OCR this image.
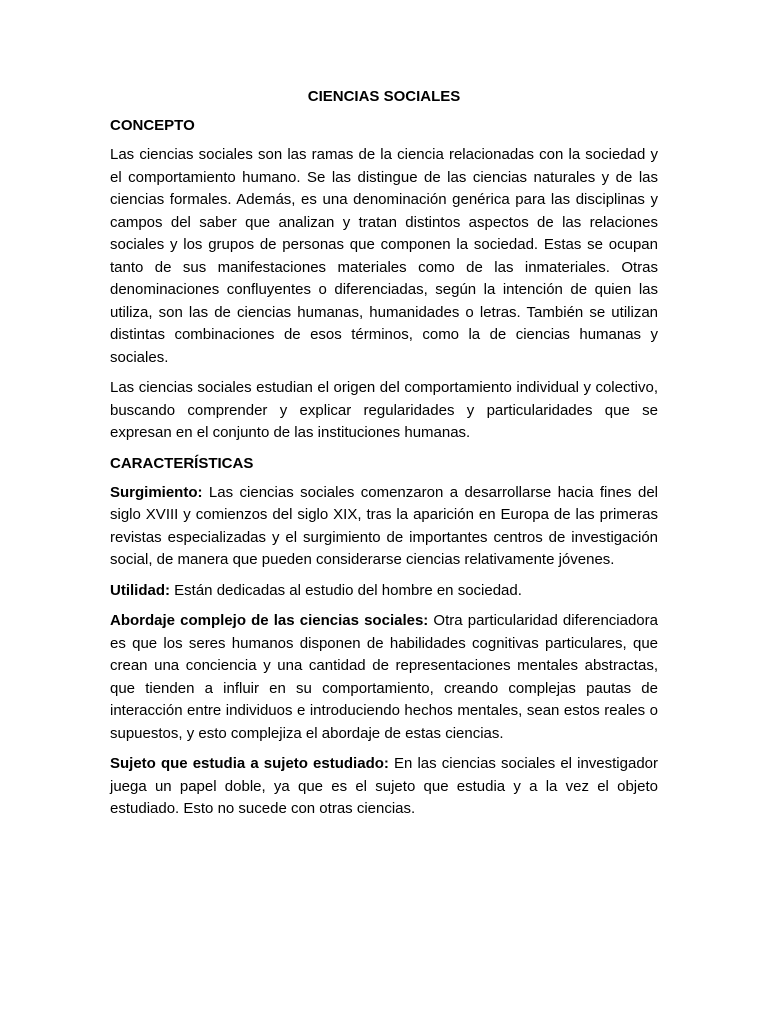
CIENCIAS SOCIALES
CONCEPTO

Las ciencias sociales son las ramas de la ciencia relacionadas con la sociedad y el comportamiento humano. Se las distingue de las ciencias naturales y de las ciencias formales. Además, es una denominación genérica para las disciplinas y campos del saber que analizan y tratan distintos aspectos de las relaciones sociales y los grupos de personas que componen la sociedad. Estas se ocupan tanto de sus manifestaciones materiales como de las inmateriales. Otras denominaciones confluyentes o diferenciadas, según la intención de quien las utiliza, son las de ciencias humanas, humanidades o letras. También se utilizan distintas combinaciones de esos términos, como la de ciencias humanas y sociales.

Las ciencias sociales estudian el origen del comportamiento individual y colectivo, buscando comprender y explicar regularidades y particularidades que se expresan en el conjunto de las instituciones humanas.

CARACTERÍSTICAS

Surgimiento: Las ciencias sociales comenzaron a desarrollarse hacia fines del siglo XVIII y comienzos del siglo XIX, tras la aparición en Europa de las primeras revistas especializadas y el surgimiento de importantes centros de investigación social, de manera que pueden considerarse ciencias relativamente jóvenes.

Utilidad: Están dedicadas al estudio del hombre en sociedad.

Abordaje complejo de las ciencias sociales: Otra particularidad diferenciadora es que los seres humanos disponen de habilidades cognitivas particulares, que crean una conciencia y una cantidad de representaciones mentales abstractas, que tienden a influir en su comportamiento, creando complejas pautas de interacción entre individuos e introduciendo hechos mentales, sean estos reales o supuestos, y esto complejiza el abordaje de estas ciencias.

Sujeto que estudia a sujeto estudiado: En las ciencias sociales el investigador juega un papel doble, ya que es el sujeto que estudia y a la vez el objeto estudiado. Esto no sucede con otras ciencias.
